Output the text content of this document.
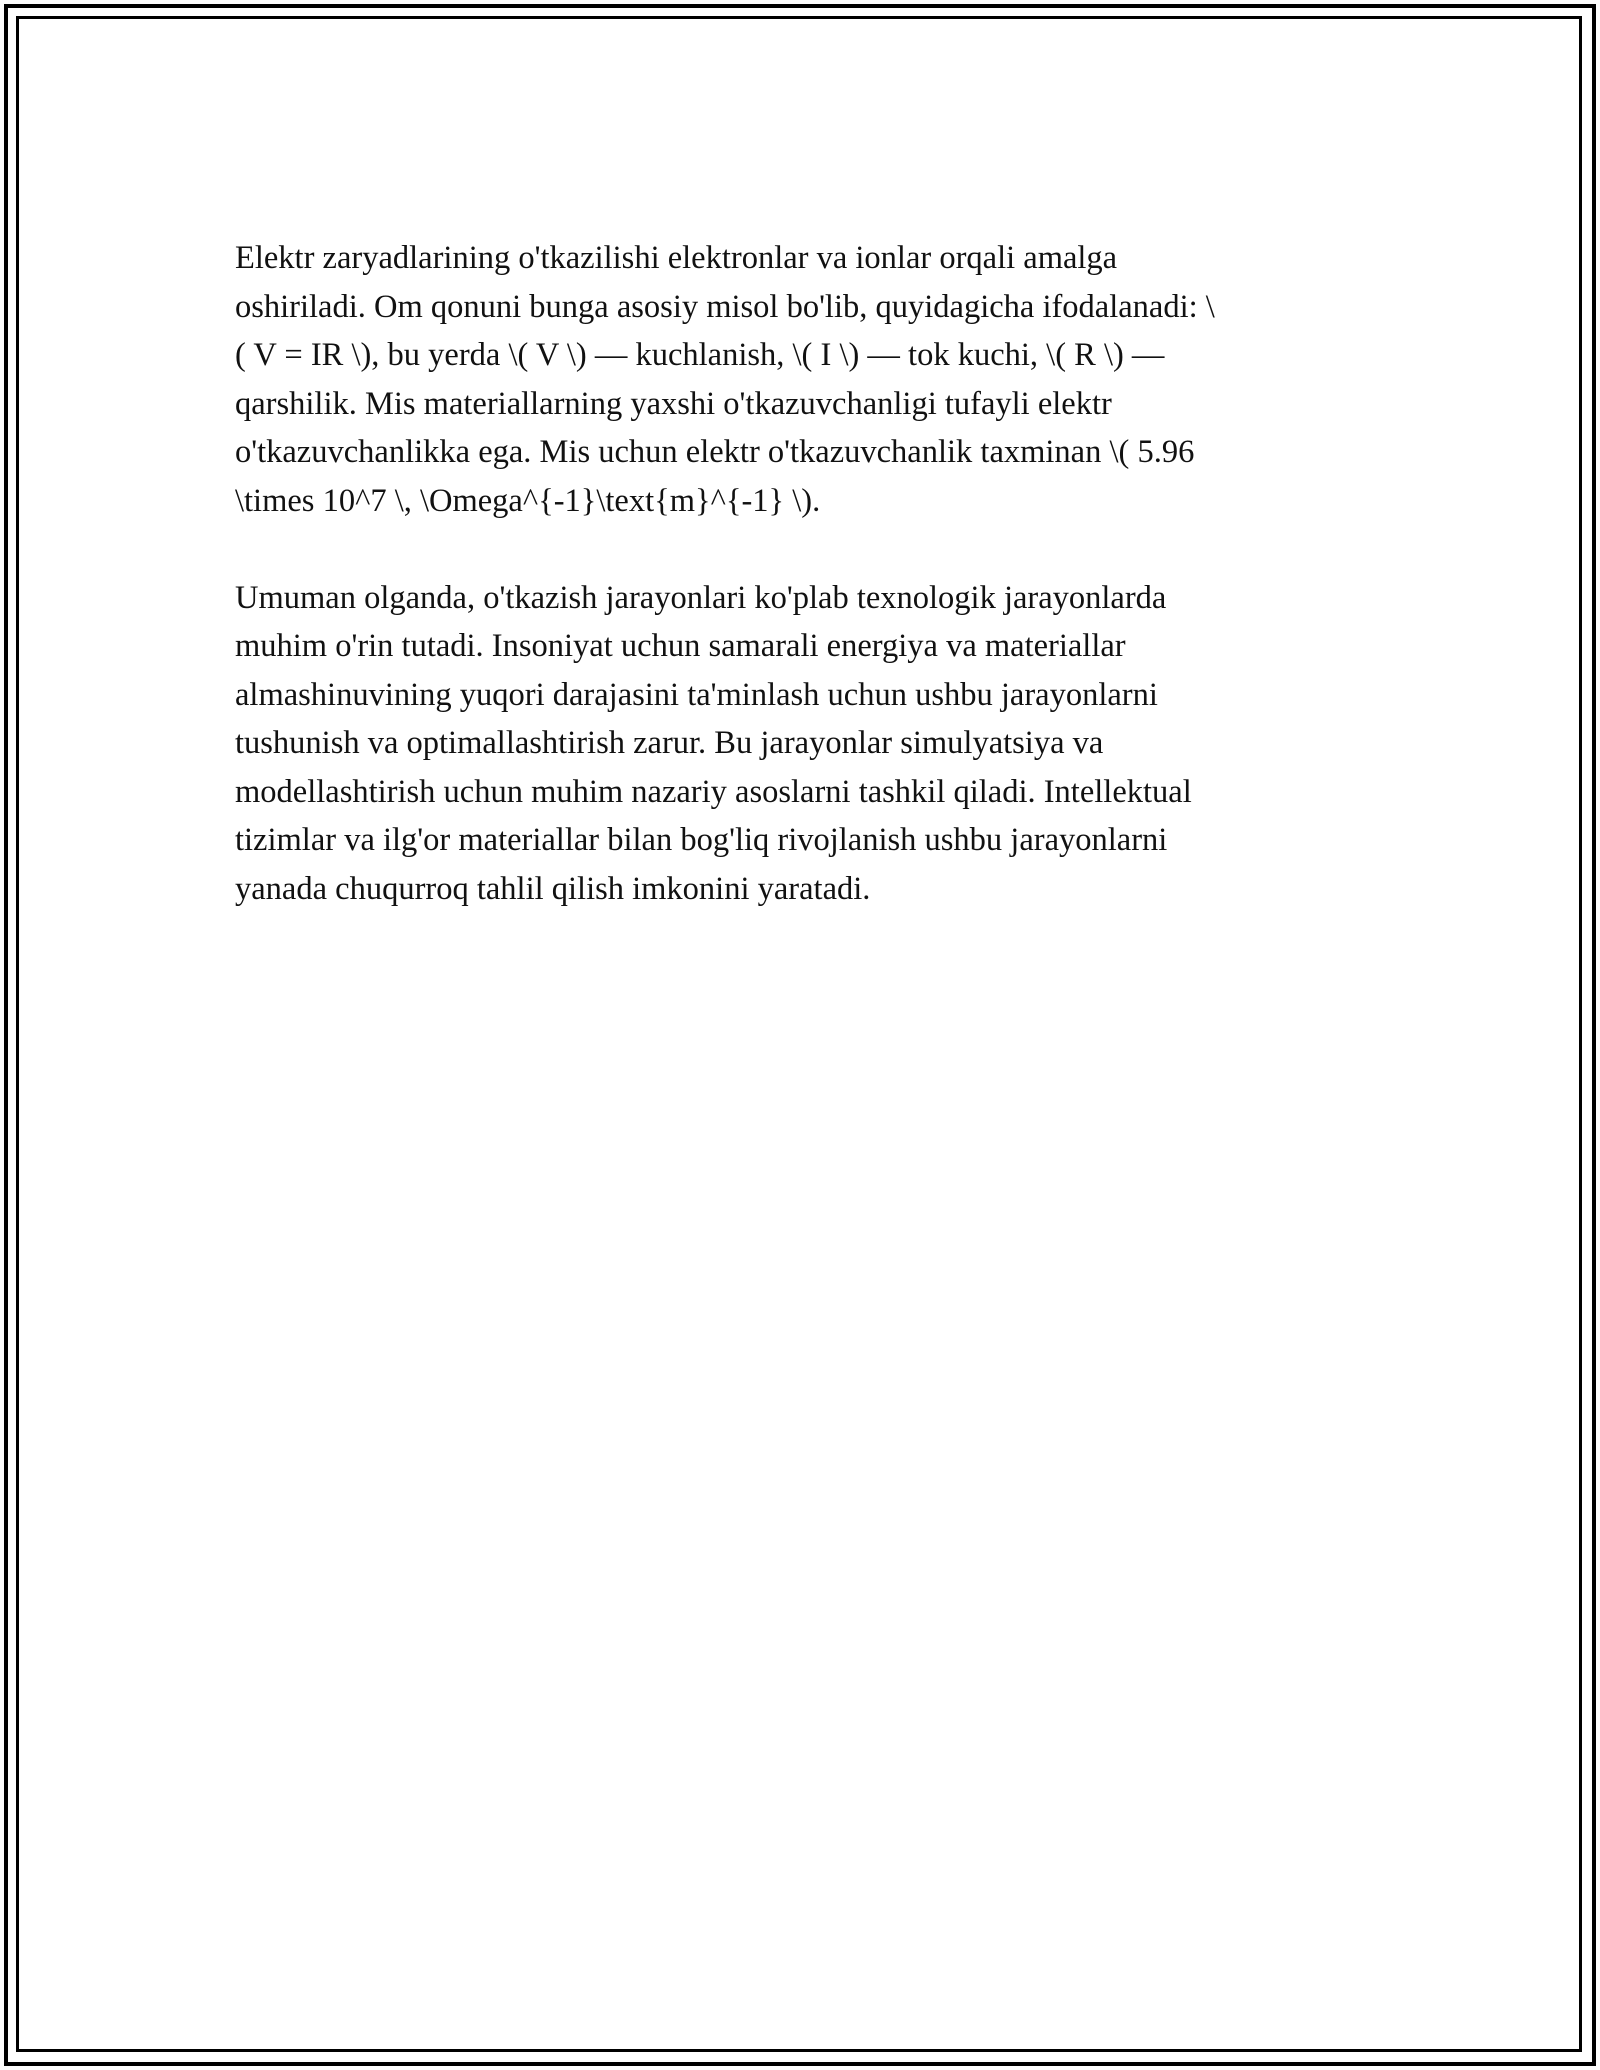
Elektr zaryadlarining o'tkazilishi elektronlar va ionlar orqali amalga
oshiriladi. Om qonuni bunga asosiy misol bo'lib, quyidagicha ifodalanadi: \
( V = IR \), bu yerda \( V \) — kuchlanish, \( I \) — tok kuchi, \( R \) —
qarshilik. Mis materiallarning yaxshi o'tkazuvchanligi tufayli elektr
o'tkazuvchanlikka ega. Mis uchun elektr o'tkazuvchanlik taxminan \( 5.96
\times 10^7 \, \Omega^{-1}\text{m}^{-1} \).

Umuman olganda, o'tkazish jarayonlari ko'plab texnologik jarayonlarda
muhim o'rin tutadi. Insoniyat uchun samarali energiya va materiallar
almashinuvining yuqori darajasini ta'minlash uchun ushbu jarayonlarni
tushunish va optimallashtirish zarur. Bu jarayonlar simulyatsiya va
modellashtirish uchun muhim nazariy asoslarni tashkil qiladi. Intellektual
tizimlar va ilg'or materiallar bilan bog'liq rivojlanish ushbu jarayonlarni
yanada chuqurroq tahlil qilish imkonini yaratadi.
